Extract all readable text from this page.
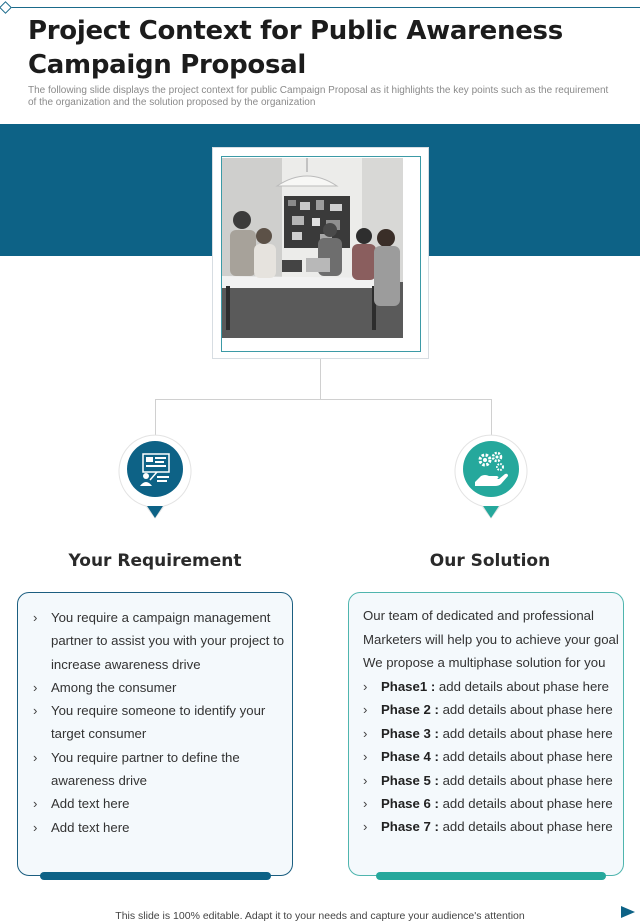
Project Context for Public Awareness Campaign Proposal

The following slide displays the project context for public Campaign Proposal as it highlights the key points such as the requirement of the organization and the solution proposed by the organization

Your Requirement	Our Solution
› You require a campaign management partner to assist you with your project to increase awareness drive
› Among the consumer
› You require someone to identify your target consumer
› You require partner to define the awareness drive
› Add text here
› Add text here

Our team of dedicated and professional Marketers will help you to achieve your goal

We propose a multiphase solution for you

› Phase1 : add details about phase here
› Phase 2 : add details about phase here
› Phase 3 : add details about phase here
› Phase 4 : add details about phase here
› Phase 5 : add details about phase here
› Phase 6 : add details about phase here
› Phase 7 : add details about phase here

This slide is 100% editable. Adapt it to your needs and capture your audience's attention
